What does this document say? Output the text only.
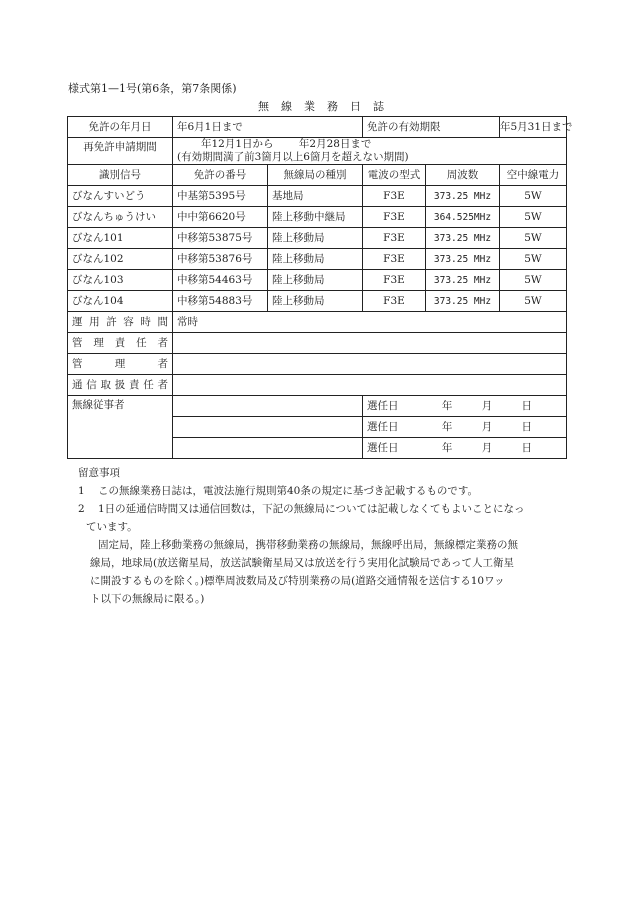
様式第1—1号(第6条，第7条関係)
無線業務日誌
免許の年月日	年6月1日まで		免許の有効期限		年5月31日まで
再免許申請期間	年12月1日から 年2月28日まで
(有効期間満了前3箇月以上6箇月を超えない期間)				

識別信号	免許の番号	無線局の種別	電波の型式	周波数	空中線電力
びなんすいどう	中基第5395号	基地局	F3E	373.25 MHz	5W
びなんちゅうけい	中中第6620号	陸上移動中継局	F3E	364.525MHz	5W
びなん101	中移第53875号	陸上移動局	F3E	373.25 MHz	5W
びなん102	中移第53876号	陸上移動局	F3E	373.25 MHz	5W
びなん103	中移第54463号	陸上移動局	F3E	373.25 MHz	5W
びなん104	中移第54883号	陸上移動局	F3E	373.25 MHz	5W
運用許容時間	常時				
管理責任者					
管理者					
通信取扱責任者					
無線従事者			選任日 年 月 日		
			選任日 年 月 日		
			選任日 年 月 日		
留意事項
1 この無線業務日誌は，電波法施行規則第40条の規定に基づき記載するものです。
2	1日の延通信時間又は通信回数は，下記の無線局については記載しなくてもよいことになっ
ています。
固定局，陸上移動業務の無線局，携帯移動業務の無線局，無線呼出局，無線標定業務の無
線局，地球局(放送衛星局，放送試験衛星局又は放送を行う実用化試験局であって人工衛星
に開設するものを除く。)標準周波数局及び特別業務の局(道路交通情報を送信する10ワッ
ト以下の無線局に限る。)
